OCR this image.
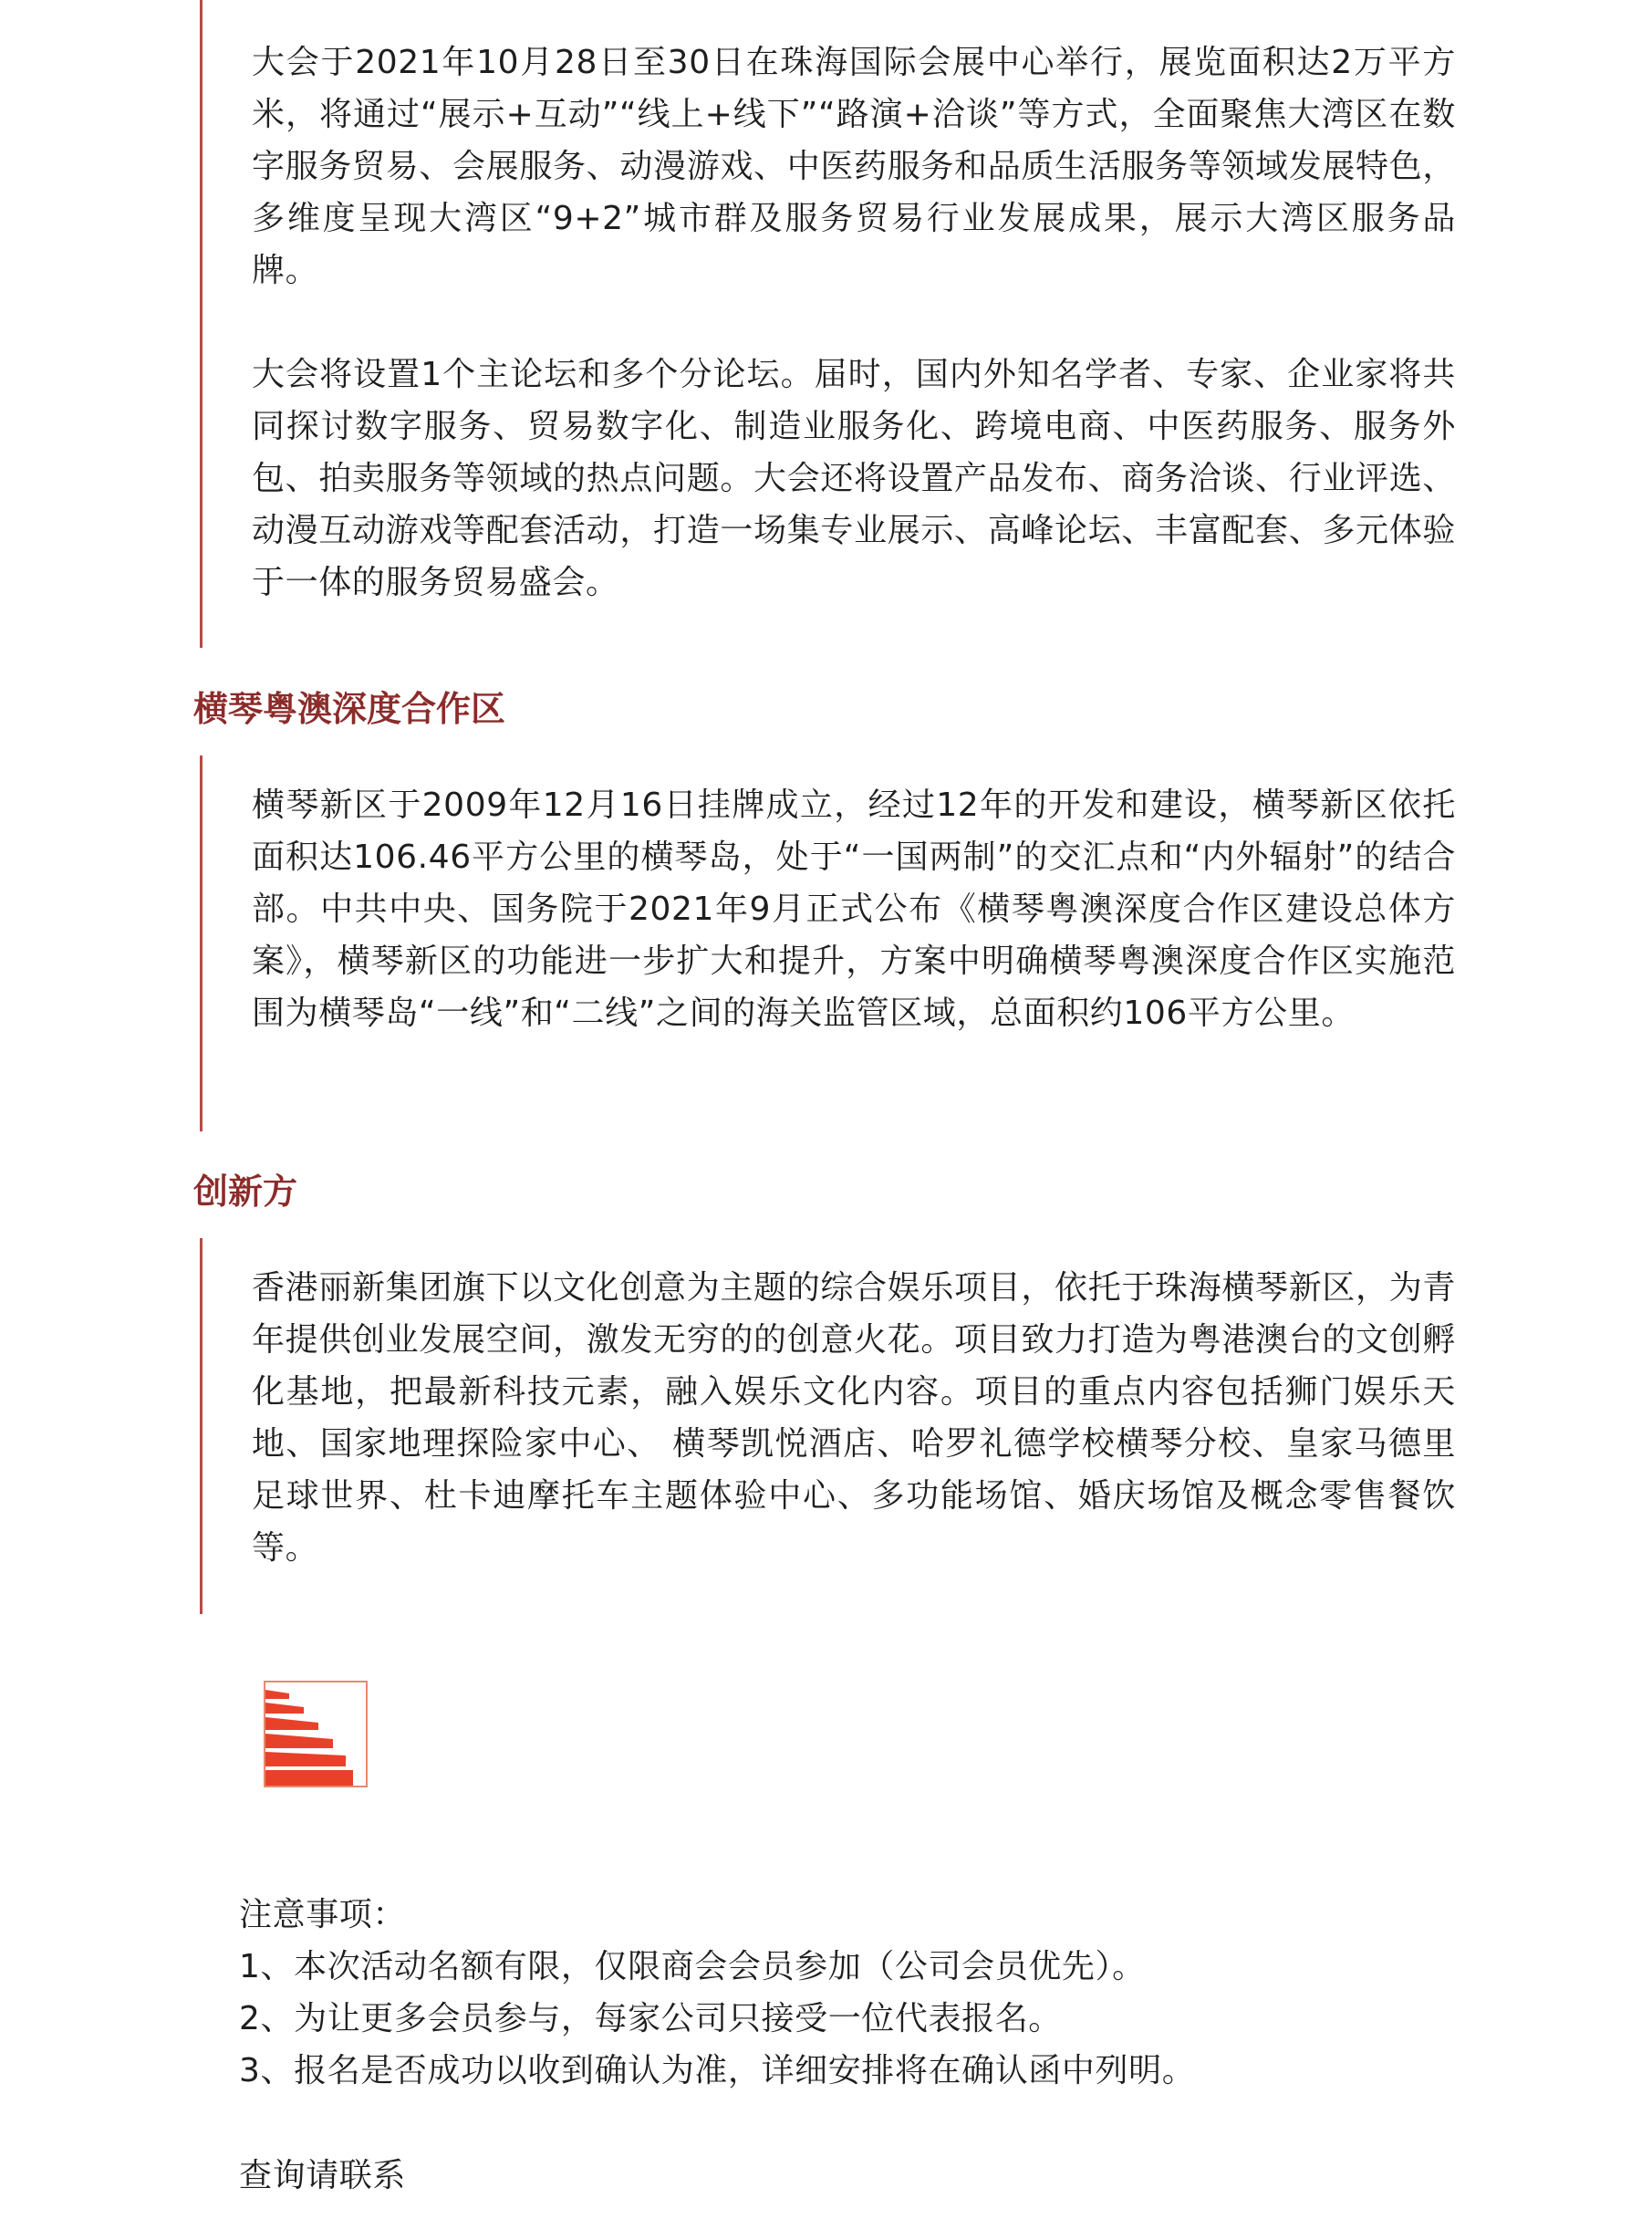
大会于2021年10月28日至30日在珠海国际会展中心举行，展览面积达2万平方米，将通过“展示+互动”“线上+线下”“路演+洽谈”等方式，全面聚焦大湾区在数字服务贸易、会展服务、动漫游戏、中医药服务和品质生活服务等领域发展特色，多维度呈现大湾区“9+2”城市群及服务贸易行业发展成果，展示大湾区服务品牌。

大会将设置1个主论坛和多个分论坛。届时，国内外知名学者、专家、企业家将共同探讨数字服务、贸易数字化、制造业服务化、跨境电商、中医药服务、服务外包、拍卖服务等领域的热点问题。大会还将设置产品发布、商务洽谈、行业评选、动漫互动游戏等配套活动，打造一场集专业展示、高峰论坛、丰富配套、多元体验于一体的服务贸易盛会。

横琴粤澳深度合作区

横琴新区于2009年12月16日挂牌成立，经过12年的开发和建设，横琴新区依托面积达106.46平方公里的横琴岛，处于“一国两制”的交汇点和“内外辐射”的结合部。中共中央、国务院于2021年9月正式公布《横琴粤澳深度合作区建设总体方案》，横琴新区的功能进一步扩大和提升，方案中明确横琴粤澳深度合作区实施范围为横琴岛“一线”和“二线”之间的海关监管区域，总面积约106平方公里。

创新方

香港丽新集团旗下以文化创意为主题的综合娱乐项目，依托于珠海横琴新区，为青年提供创业发展空间，激发无穷的的创意火花。项目致力打造为粤港澳台的文创孵化基地，把最新科技元素，融入娱乐文化内容。项目的重点内容包括狮门娱乐天地、国家地理探险家中心、 横琴凯悦酒店、哈罗礼德学校横琴分校、皇家马德里足球世界、杜卡迪摩托车主题体验中心、多功能场馆、婚庆场馆及概念零售餐饮等。

注意事项：
1、本次活动名额有限，仅限商会会员参加（公司会员优先）。
2、为让更多会员参与，每家公司只接受一位代表报名。
3、报名是否成功以收到确认为准，详细安排将在确认函中列明。
查询请联系
